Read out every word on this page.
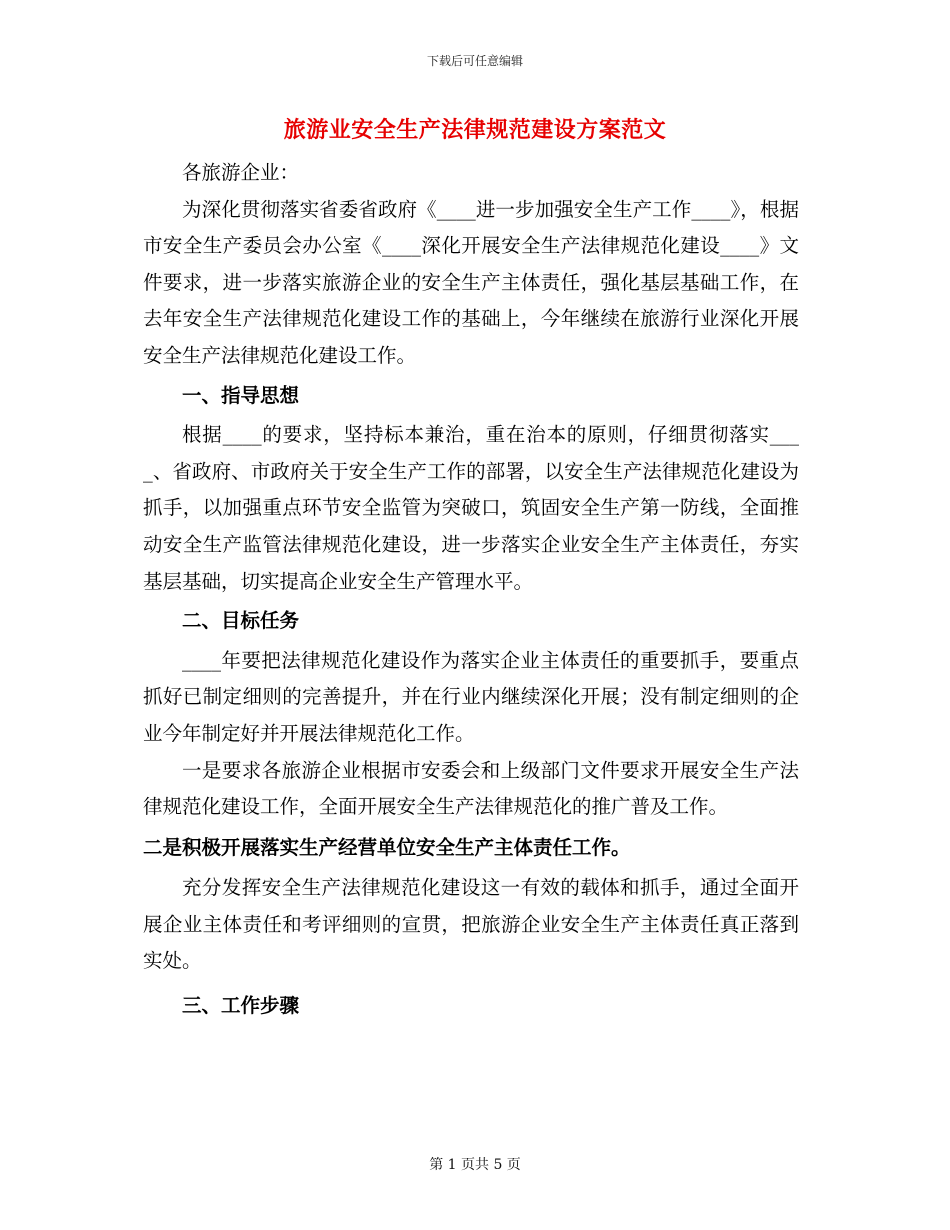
下载后可任意编辑
旅游业安全生产法律规范建设方案范文

各旅游企业：

为深化贯彻落实省委省政府《____进一步加强安全生产工作____》，根据市安全生产委员会办公室《____深化开展安全生产法律规范化建设____》文件要求，进一步落实旅游企业的安全生产主体责任，强化基层基础工作，在去年安全生产法律规范化建设工作的基础上，今年继续在旅游行业深化开展安全生产法律规范化建设工作。

一、指导思想

根据____的要求，坚持标本兼治，重在治本的原则，仔细贯彻落实____、省政府、市政府关于安全生产工作的部署，以安全生产法律规范化建设为抓手，以加强重点环节安全监管为突破口，筑固安全生产第一防线，全面推动安全生产监管法律规范化建设，进一步落实企业安全生产主体责任，夯实基层基础，切实提高企业安全生产管理水平。

二、目标任务

____年要把法律规范化建设作为落实企业主体责任的重要抓手，要重点抓好已制定细则的完善提升，并在行业内继续深化开展；没有制定细则的企业今年制定好并开展法律规范化工作。

一是要求各旅游企业根据市安委会和上级部门文件要求开展安全生产法律规范化建设工作，全面开展安全生产法律规范化的推广普及工作。

二是积极开展落实生产经营单位安全生产主体责任工作。

充分发挥安全生产法律规范化建设这一有效的载体和抓手，通过全面开展企业主体责任和考评细则的宣贯，把旅游企业安全生产主体责任真正落到实处。

三、工作步骤

第 1 页共 5 页
